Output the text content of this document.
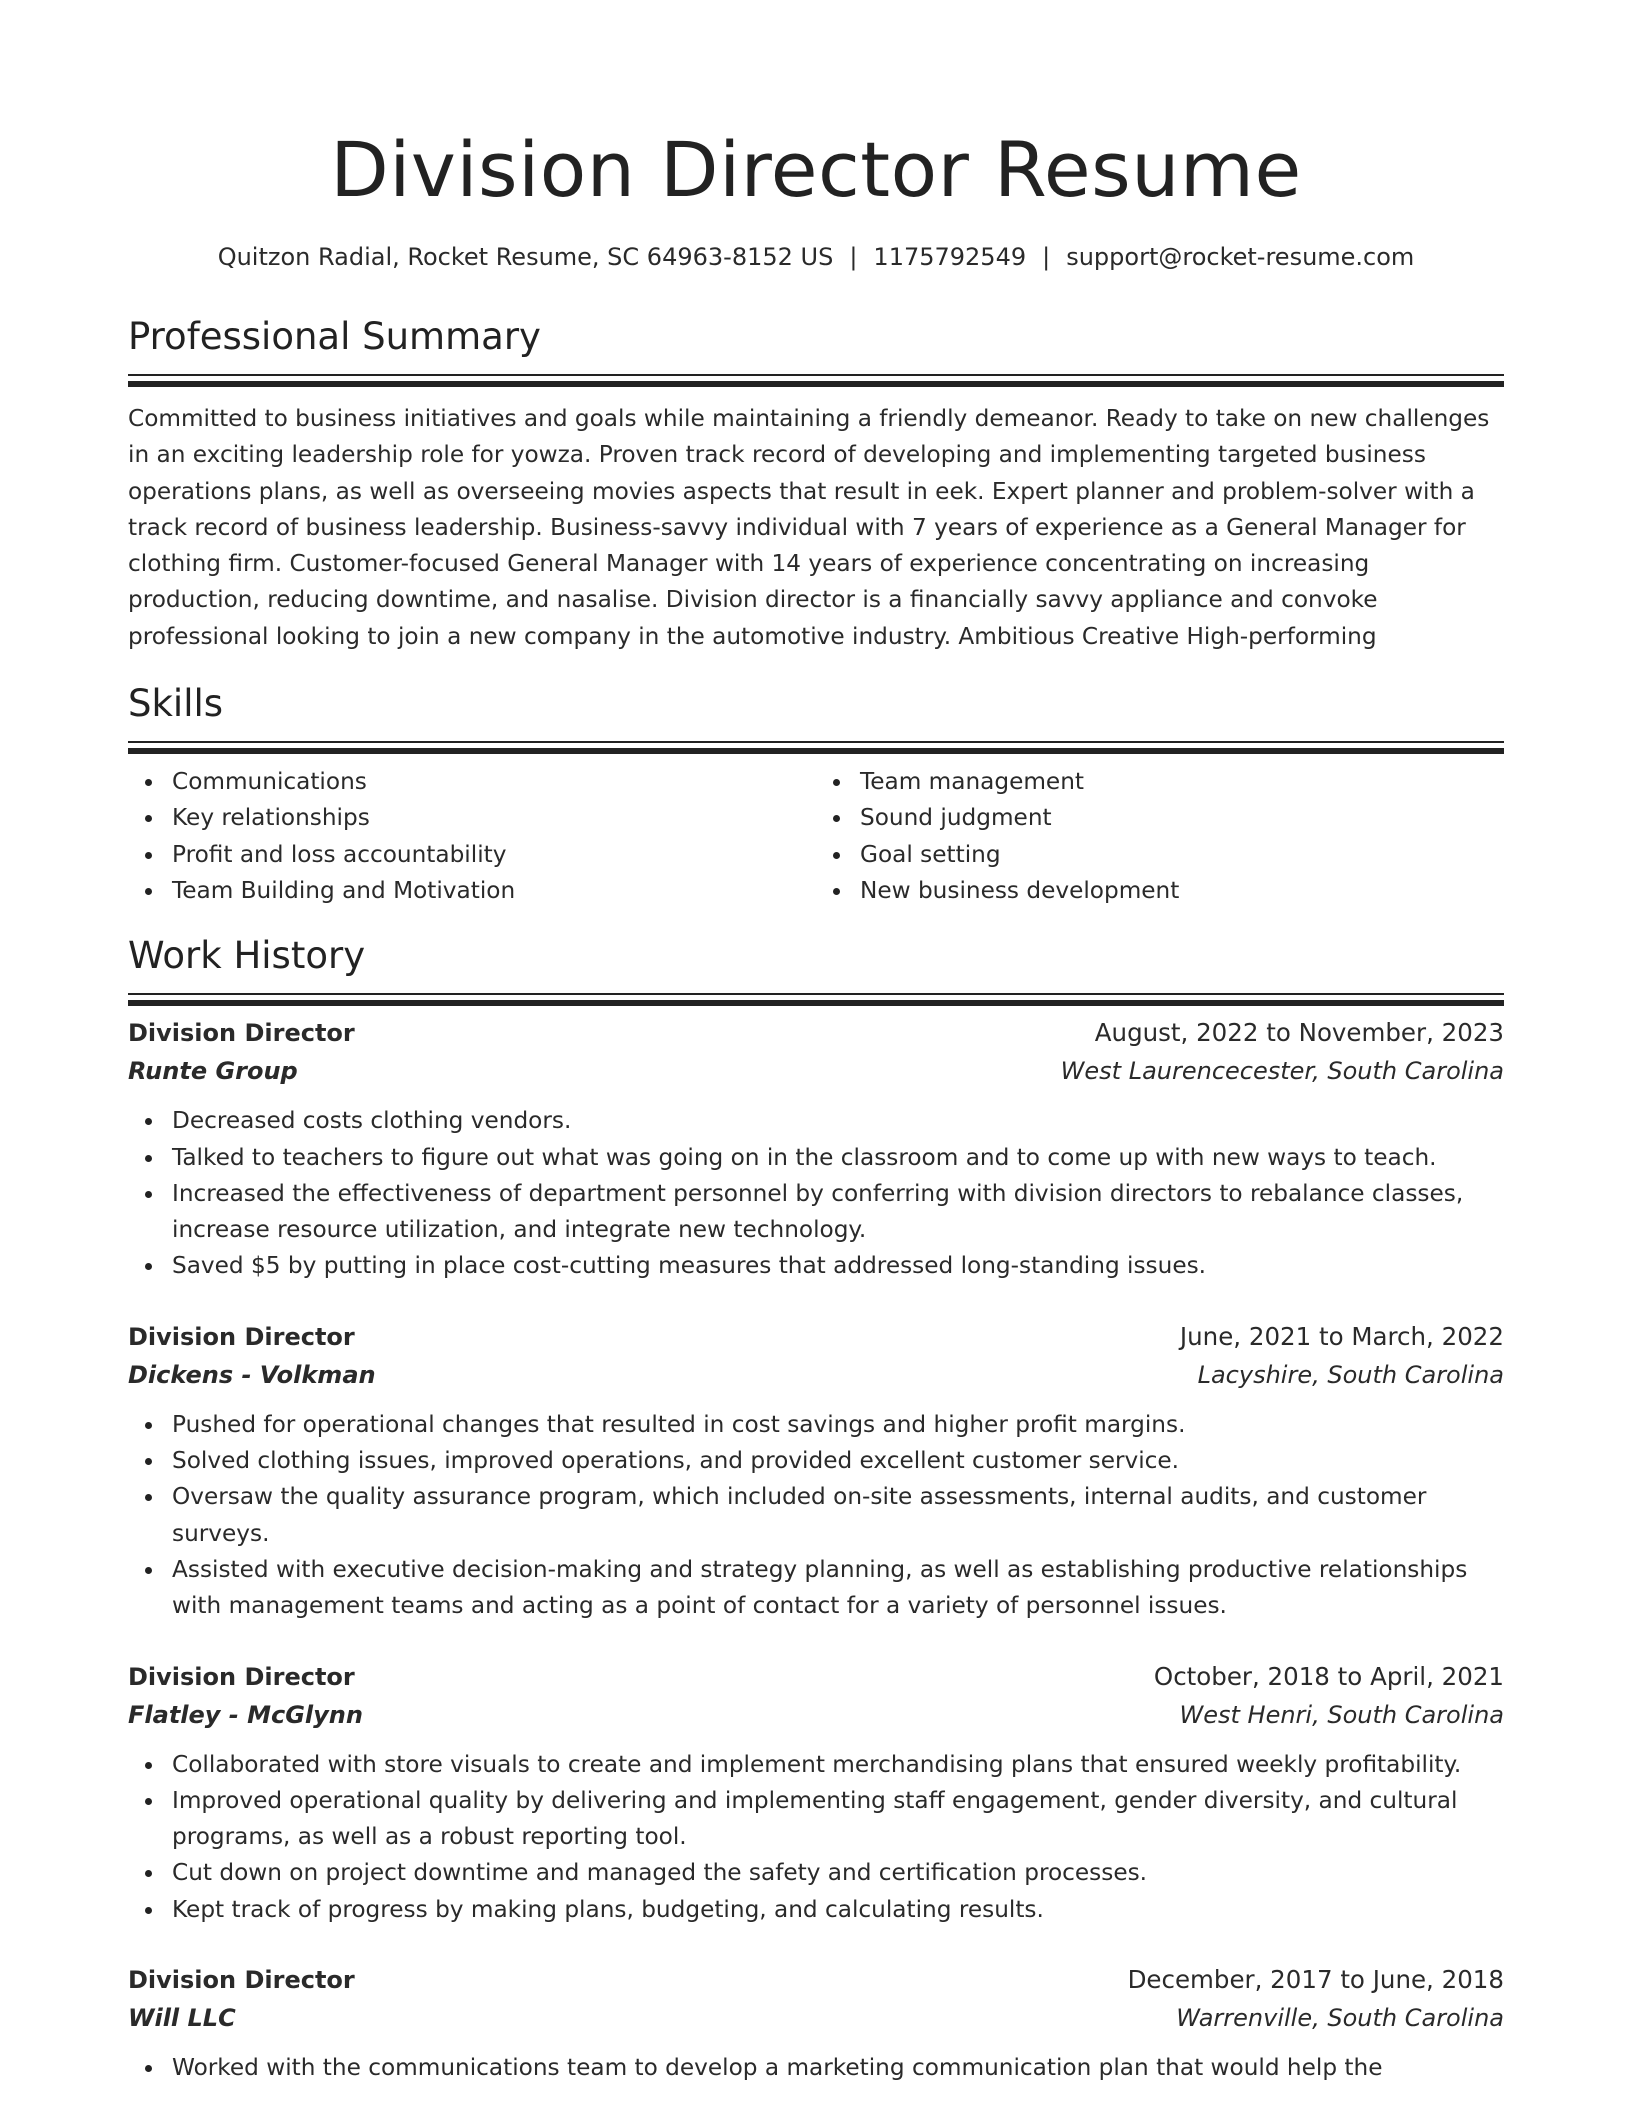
Division Director Resume
Quitzon Radial, Rocket Resume, SC 64963-8152 US | 1175792549 | support@rocket-resume.com
Professional Summary
Committed to business initiatives and goals while maintaining a friendly demeanor. Ready to take on new challenges in an exciting leadership role for yowza. Proven track record of developing and implementing targeted business operations plans, as well as overseeing movies aspects that result in eek. Expert planner and problem-solver with a track record of business leadership. Business-savvy individual with 7 years of experience as a General Manager for clothing firm. Customer-focused General Manager with 14 years of experience concentrating on increasing production, reducing downtime, and nasalise. Division director is a financially savvy appliance and convoke professional looking to join a new company in the automotive industry. Ambitious Creative High-performing
Skills
Communications
Key relationships
Profit and loss accountability
Team Building and Motivation
Team management
Sound judgment
Goal setting
New business development
Work History
Division Director	August, 2022 to November, 2023
Runte Group	West Laurencecester, South Carolina
Decreased costs clothing vendors.
Talked to teachers to figure out what was going on in the classroom and to come up with new ways to teach.
Increased the effectiveness of department personnel by conferring with division directors to rebalance classes, increase resource utilization, and integrate new technology.
Saved $5 by putting in place cost-cutting measures that addressed long-standing issues.
Division Director	June, 2021 to March, 2022
Dickens - Volkman	Lacyshire, South Carolina
Pushed for operational changes that resulted in cost savings and higher profit margins.
Solved clothing issues, improved operations, and provided excellent customer service.
Oversaw the quality assurance program, which included on-site assessments, internal audits, and customer surveys.
Assisted with executive decision-making and strategy planning, as well as establishing productive relationships with management teams and acting as a point of contact for a variety of personnel issues.
Division Director	October, 2018 to April, 2021
Flatley - McGlynn	West Henri, South Carolina
Collaborated with store visuals to create and implement merchandising plans that ensured weekly profitability.
Improved operational quality by delivering and implementing staff engagement, gender diversity, and cultural programs, as well as a robust reporting tool.
Cut down on project downtime and managed the safety and certification processes.
Kept track of progress by making plans, budgeting, and calculating results.
Division Director	December, 2017 to June, 2018
Will LLC	Warrenville, South Carolina
Worked with the communications team to develop a marketing communication plan that would help the
